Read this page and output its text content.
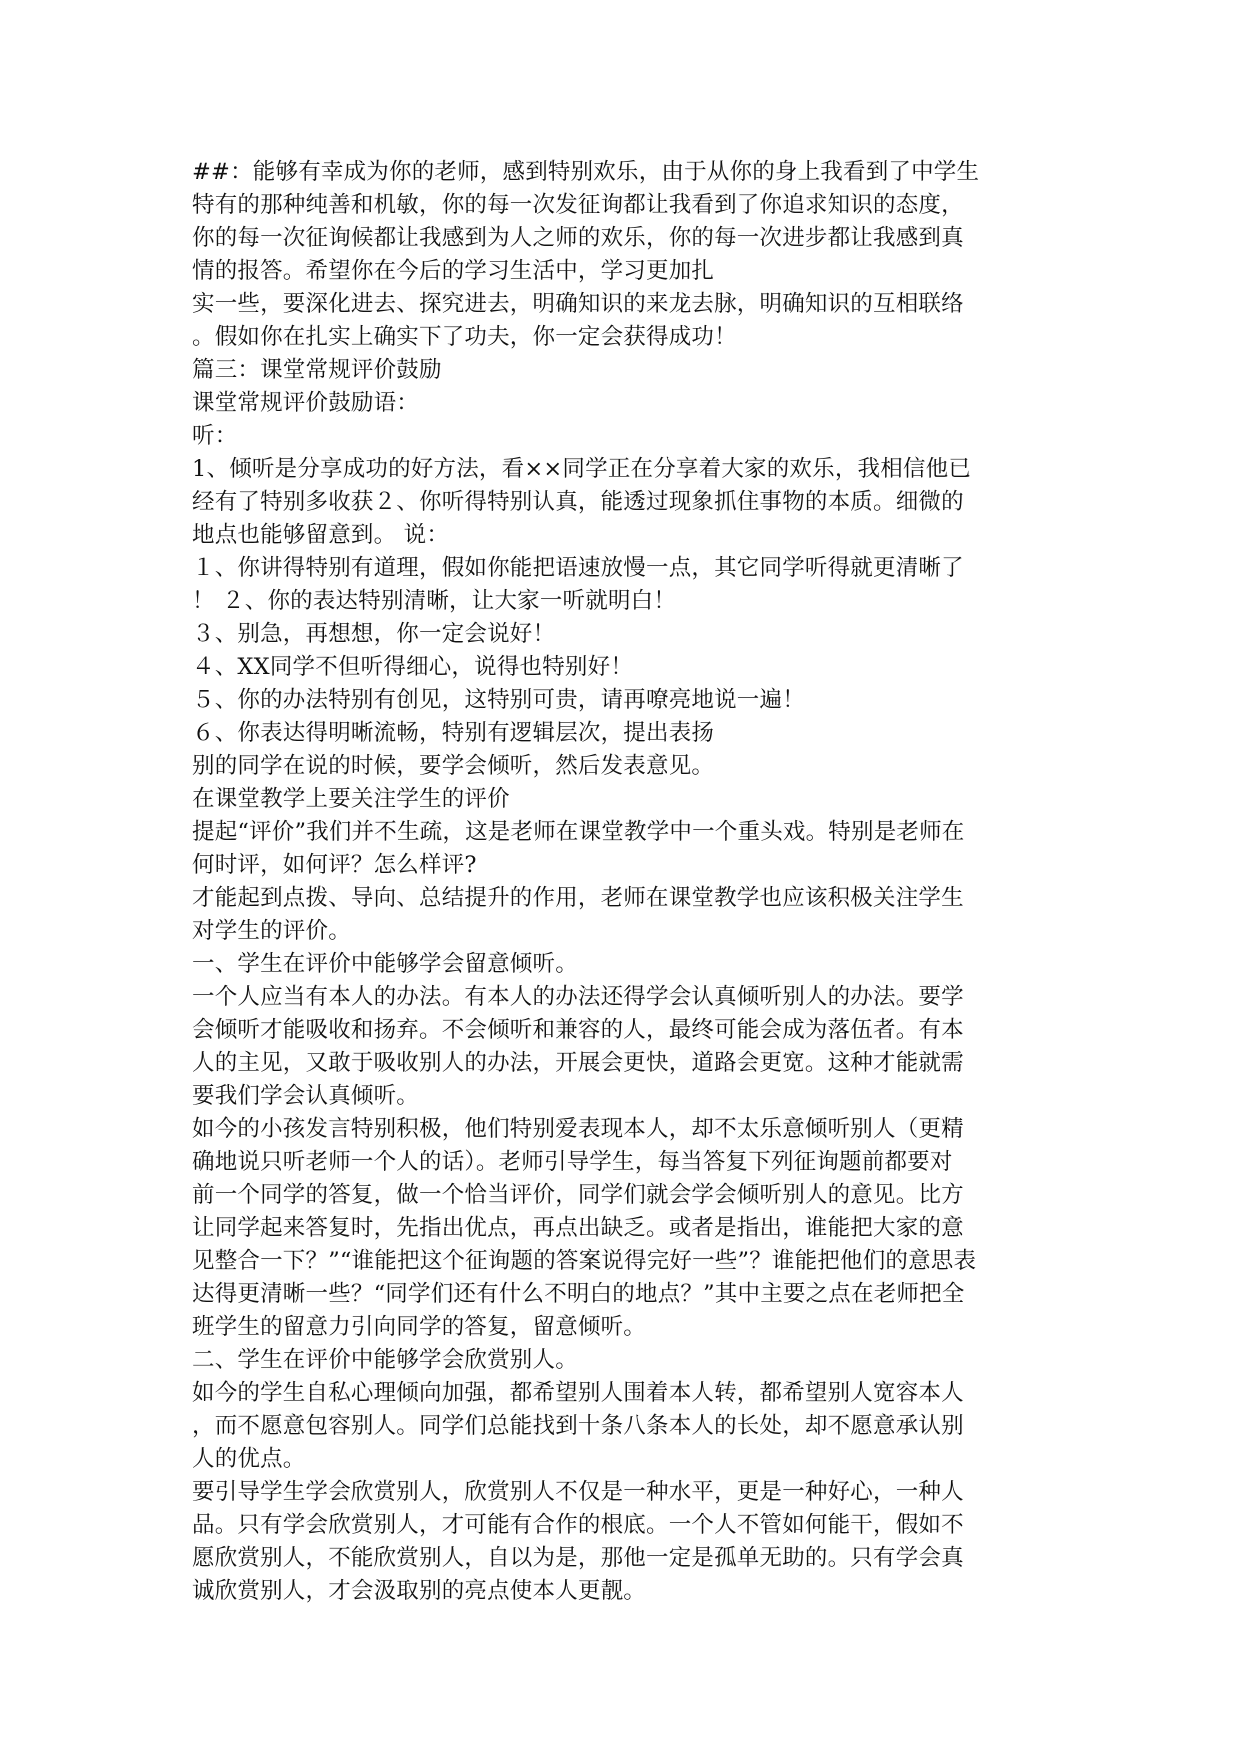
##：能够有幸成为你的老师，感到特别欢乐，由于从你的身上我看到了中学生
特有的那种纯善和机敏，你的每一次发征询都让我看到了你追求知识的态度，
你的每一次征询候都让我感到为人之师的欢乐，你的每一次进步都让我感到真
情的报答。希望你在今后的学习生活中，学习更加扎
实一些，要深化进去、探究进去，明确知识的来龙去脉，明确知识的互相联络
。假如你在扎实上确实下了功夫，你一定会获得成功！
篇三：课堂常规评价鼓励
课堂常规评价鼓励语：
听：
1、倾听是分享成功的好方法，看××同学正在分享着大家的欢乐，我相信他已
经有了特别多收获２、你听得特别认真，能透过现象抓住事物的本质。细微的
地点也能够留意到。 说：
１、你讲得特别有道理，假如你能把语速放慢一点，其它同学听得就更清晰了
！ ２、你的表达特别清晰，让大家一听就明白！
３、别急，再想想，你一定会说好！
４、XX同学不但听得细心，说得也特别好！
５、你的办法特别有创见，这特别可贵，请再嘹亮地说一遍！
６、你表达得明晰流畅，特别有逻辑层次，提出表扬
别的同学在说的时候，要学会倾听，然后发表意见。
在课堂教学上要关注学生的评价
提起“评价”我们并不生疏，这是老师在课堂教学中一个重头戏。特别是老师在
何时评，如何评？怎么样评?
才能起到点拨、导向、总结提升的作用，老师在课堂教学也应该积极关注学生
对学生的评价。
一、学生在评价中能够学会留意倾听。
一个人应当有本人的办法。有本人的办法还得学会认真倾听别人的办法。要学
会倾听才能吸收和扬弃。不会倾听和兼容的人，最终可能会成为落伍者。有本
人的主见，又敢于吸收别人的办法，开展会更快，道路会更宽。这种才能就需
要我们学会认真倾听。
如今的小孩发言特别积极，他们特别爱表现本人，却不太乐意倾听别人（更精
确地说只听老师一个人的话）。老师引导学生，每当答复下列征询题前都要对
前一个同学的答复，做一个恰当评价，同学们就会学会倾听别人的意见。比方
让同学起来答复时，先指出优点，再点出缺乏。或者是指出，谁能把大家的意
见整合一下？”“谁能把这个征询题的答案说得完好一些”？谁能把他们的意思表
达得更清晰一些？“同学们还有什么不明白的地点？”其中主要之点在老师把全
班学生的留意力引向同学的答复，留意倾听。
二、学生在评价中能够学会欣赏别人。
如今的学生自私心理倾向加强，都希望别人围着本人转，都希望别人宽容本人
，而不愿意包容别人。同学们总能找到十条八条本人的长处，却不愿意承认别
人的优点。
要引导学生学会欣赏别人，欣赏别人不仅是一种水平，更是一种好心，一种人
品。只有学会欣赏别人，才可能有合作的根底。一个人不管如何能干，假如不
愿欣赏别人，不能欣赏别人，自以为是，那他一定是孤单无助的。只有学会真
诚欣赏别人，才会汲取别的亮点使本人更靓。
